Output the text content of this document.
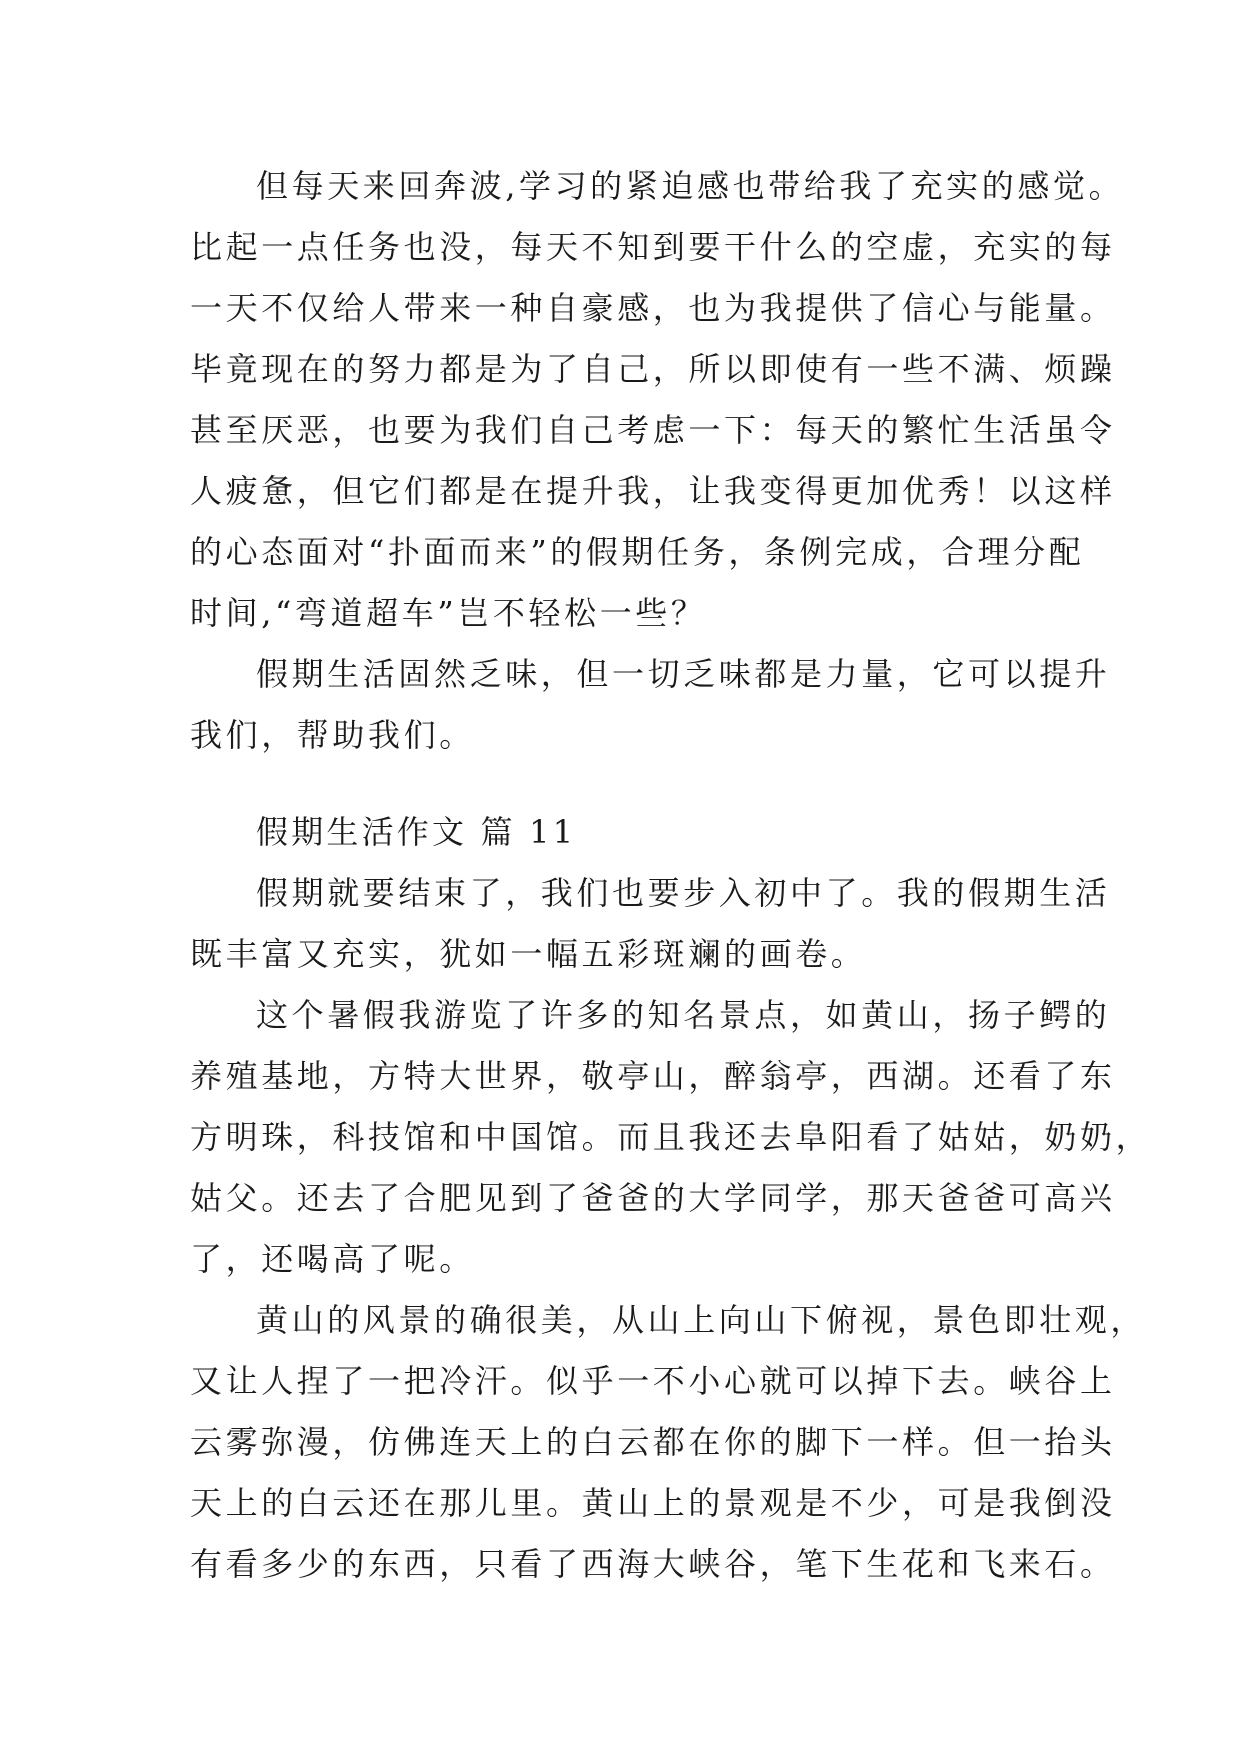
但每天来回奔波,学习的紧迫感也带给我了充实的感觉。
比起一点任务也没，每天不知到要干什么的空虚，充实的每
一天不仅给人带来一种自豪感，也为我提供了信心与能量。
毕竟现在的努力都是为了自己，所以即使有一些不满、烦躁
甚至厌恶，也要为我们自己考虑一下：每天的繁忙生活虽令
人疲惫，但它们都是在提升我，让我变得更加优秀！以这样
的心态面对“扑面而来”的假期任务，条例完成，合理分配
时间,“弯道超车”岂不轻松一些？
假期生活固然乏味，但一切乏味都是力量，它可以提升
我们，帮助我们。
假期生活作文 篇 11
假期就要结束了，我们也要步入初中了。我的假期生活
既丰富又充实，犹如一幅五彩斑斓的画卷。
这个暑假我游览了许多的知名景点，如黄山，扬子鳄的
养殖基地，方特大世界，敬亭山，醉翁亭，西湖。还看了东
方明珠，科技馆和中国馆。而且我还去阜阳看了姑姑，奶奶，
姑父。还去了合肥见到了爸爸的大学同学，那天爸爸可高兴
了，还喝高了呢。
黄山的风景的确很美，从山上向山下俯视，景色即壮观，
又让人捏了一把冷汗。似乎一不小心就可以掉下去。峡谷上
云雾弥漫，仿佛连天上的白云都在你的脚下一样。但一抬头
天上的白云还在那儿里。黄山上的景观是不少，可是我倒没
有看多少的东西，只看了西海大峡谷，笔下生花和飞来石。
